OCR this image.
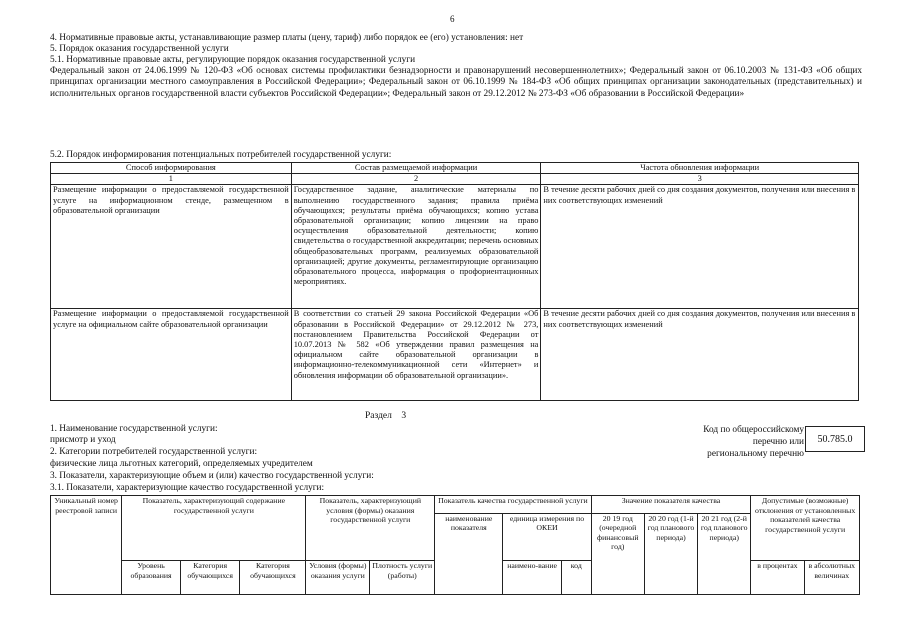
6
4. Нормативные правовые акты, устанавливающие размер платы (цену, тариф) либо порядок ее (его) установления: нет
5. Порядок оказания государственной услуги
5.1. Нормативные правовые акты, регулирующие порядок оказания государственной услуги
Федеральный закон от 24.06.1999 № 120-ФЗ «Об основах системы профилактики безнадзорности и правонарушений несовершеннолетних»; Федеральный закон от 06.10.2003 № 131-ФЗ «Об общих принципах организации местного самоуправления в Российской Федерации»; Федеральный закон от 06.10.1999 № 184-ФЗ «Об общих принципах организации законодательных (представительных) и исполнительных органов государственной власти субъектов Российской Федерации»; Федеральный закон от 29.12.2012 № 273-ФЗ «Об образовании в Российской Федерации»
5.2. Порядок информирования потенциальных потребителей государственной услуги:
Способ информирования	Состав размещаемой информации	Частота обновления информации
1	2	3
Размещение информации о предоставляемой государственной услуге на информационном стенде, размещенном в образовательной организации	Государственное задание, аналитические материалы по выполнению государственного задания; правила приёма обучающихся; результаты приёма обучающихся; копию устава образовательной организации; копию лицензии на право осуществления образовательной деятельности; копию свидетельства о государственной аккредитации; перечень основных общеобразовательных программ, реализуемых образовательной организацией; другие документы, регламентирующие организацию образовательного процесса, информация о профориентационных мероприятиях.	В течение десяти рабочих дней со дня создания документов, получения или внесения в них соответствующих изменений
Размещение информации о предоставляемой государственной услуге на официальном сайте образовательной организации	В соответствии со статьей 29 закона Российской Федерации «Об образовании в Российской Федерации» от 29.12.2012 № 273, постановлением Правительства Российской Федерации от 10.07.2013 № 582 «Об утверждении правил размещения на официальном сайте образовательной организации в информационно-телекоммуникационной сети «Интернет» и обновления информации об образовательной организации».	В течение десяти рабочих дней со дня создания документов, получения или внесения в них соответствующих изменений
Раздел 3
1. Наименование государственной услуги:
присмотр и уход
2. Категории потребителей государственной услуги:
физические лица льготных категорий, определяемых учредителем
3. Показатели, характеризующие объем и (или) качество государственной услуги:
3.1. Показатели, характеризующие качество государственной услуги:
Код по общероссийскому
перечню или
региональному перечню
50.785.0
Уникальный номер реестровой записи	Показатель, характеризующий содержание государственной услуги			Показатель, характеризующий условия (формы) оказания государственной услуги		Показатель качества государственной услуги			Значение показателя качества			Допустимые (возможные) отклонения от установленных показателей качества государственной услуги	
						наименование показателя	единица измерения по ОКЕИ		20 19 год (очередной финансовый год)	20 20 год (1-й год планового периода)	20 21 год (2-й год планового периода)		
	Уровень образования	Категория обучающихся	Категория обучающихся	Условия (формы) оказания услуги	Плотность услуги (работы)		наимено-вание	код				в процентах	в абсолютных величинах
